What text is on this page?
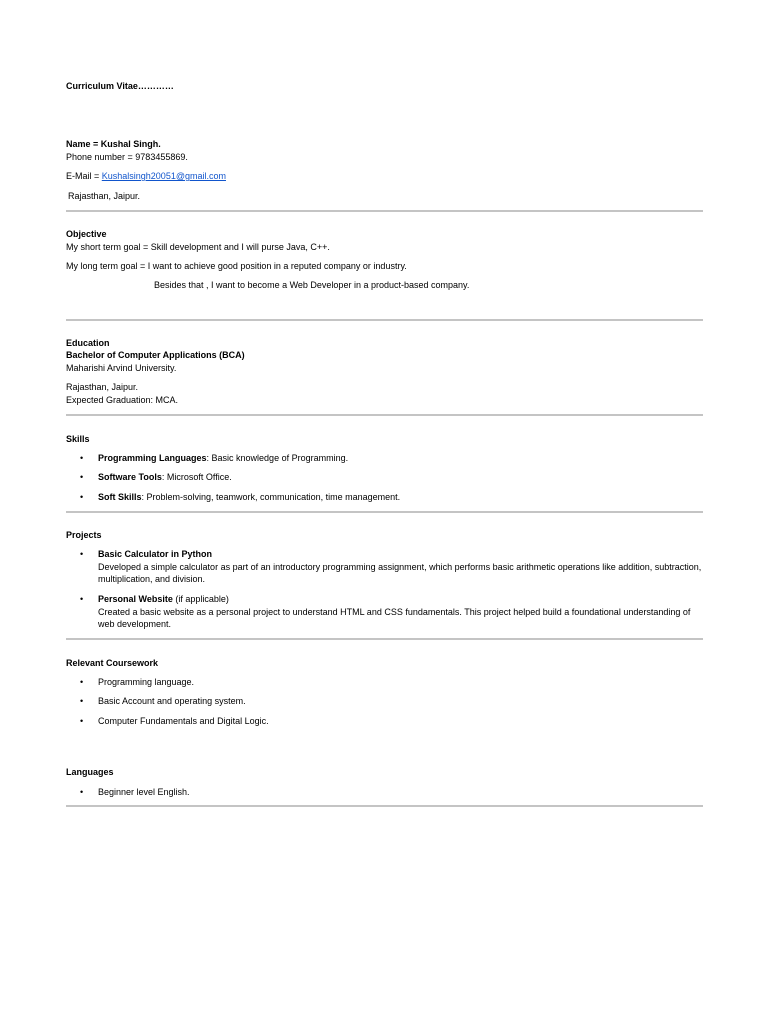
Curriculum Vitae…………
Name = Kushal Singh.
Phone number = 9783455869.
E-Mail = Kushalsingh20051@gmail.com
Rajasthan, Jaipur.
Objective
My short term goal = Skill development and I will purse Java, C++.
My long term goal = I want to achieve good position in a reputed company or industry.
Besides that , I want to become a Web Developer in a product-based company.
Education
Bachelor of Computer Applications (BCA)
Maharishi Arvind University.
Rajasthan, Jaipur.
Expected Graduation: MCA.
Skills
• Programming Languages: Basic knowledge of Programming.
• Software Tools: Microsoft Office.
• Soft Skills: Problem-solving, teamwork, communication, time management.
Projects
• Basic Calculator in Python
Developed a simple calculator as part of an introductory programming assignment, which performs basic arithmetic operations like addition, subtraction, multiplication, and division.
• Personal Website (if applicable)
Created a basic website as a personal project to understand HTML and CSS fundamentals. This project helped build a foundational understanding of web development.
Relevant Coursework
• Programming language.
• Basic Account and operating system.
• Computer Fundamentals and Digital Logic.
Languages
• Beginner level English.
